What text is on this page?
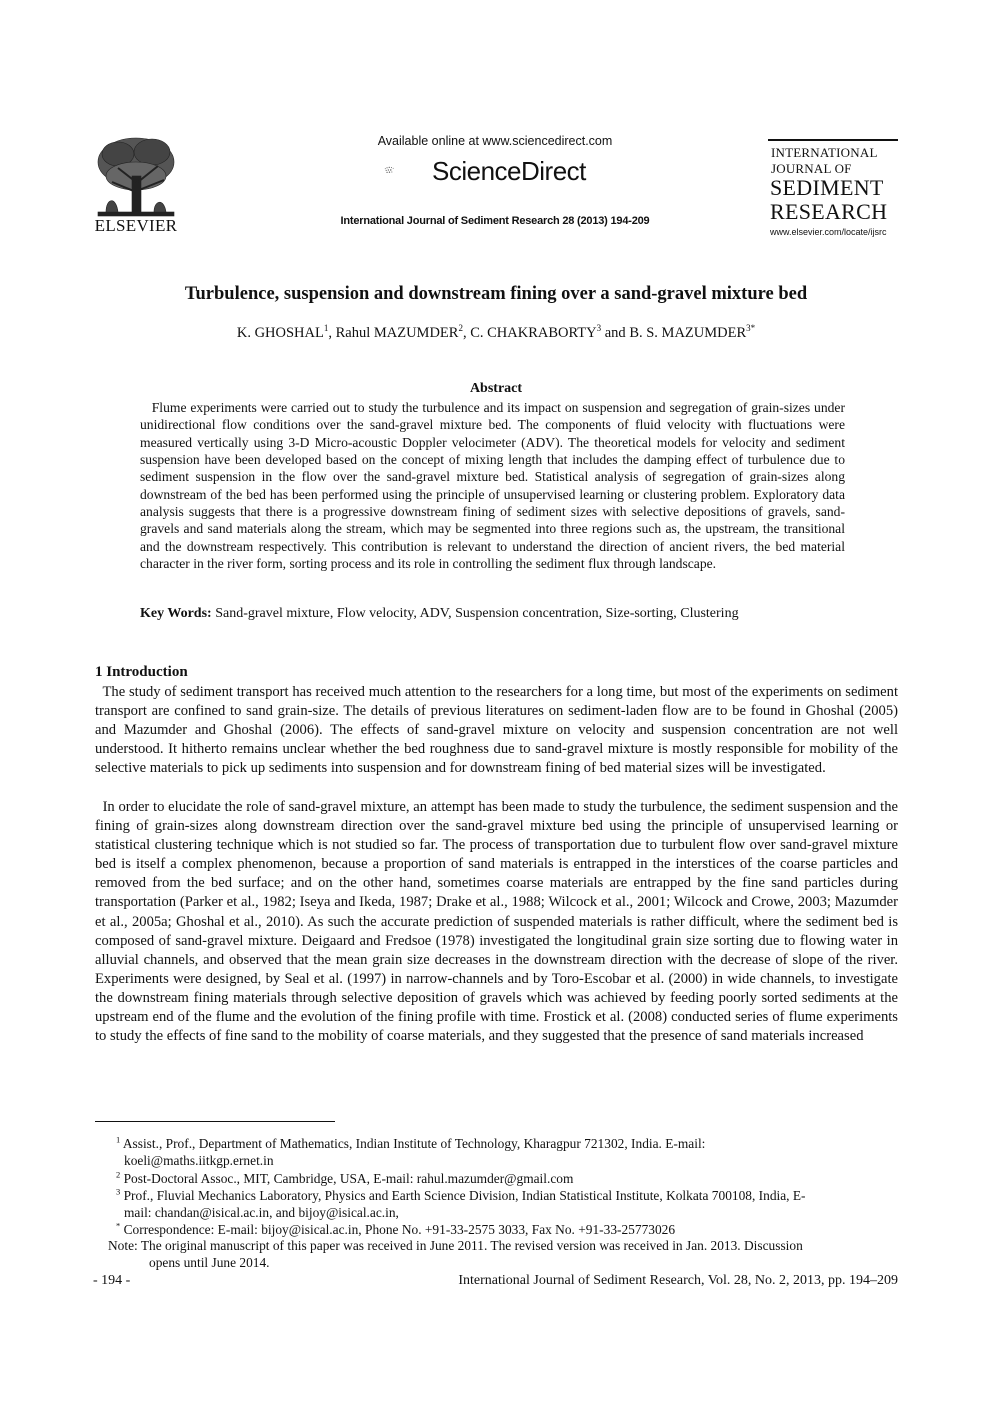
ELSEVIER
Available online at www.sciencedirect.com
ScienceDirect
International Journal of Sediment Research 28 (2013) 194-209
INTERNATIONAL
JOURNAL OF
SEDIMENT
RESEARCH
www.elsevier.com/locate/ijsrc
Turbulence, suspension and downstream fining over a sand-gravel mixture bed
K. GHOSHAL$^1$, Rahul MAZUMDER$^2$, C. CHAKRABORTY$^3$ and B. S. $MAZUMDER^{3*}$
Abstract
Flume experiments were carried out to study the turbulence and its impact on suspension and segregation of grain-sizes under unidirectional flow conditions over the sand-gravel mixture bed. The components of fluid velocity with fluctuations were measured vertically using 3-D Micro-acoustic Doppler velocimeter (ADV). The theoretical models for velocity and sediment suspension have been developed based on the concept of mixing length that includes the damping effect of turbulence due to sediment suspension in the flow over the sand-gravel mixture bed. Statistical analysis of segregation of grain-sizes along downstream of the bed has been performed using the principle of unsupervised learning or clustering problem. Exploratory data analysis suggests that there is a progressive downstream fining of sediment sizes with selective depositions of gravels, sand-gravels and sand materials along the stream, which may be segmented into three regions such as, the upstream, the transitional and the downstream respectively. This contribution is relevant to understand the direction of ancient rivers, the bed material character in the river form, sorting process and its role in controlling the sediment flux through landscape.
Key Words: Sand-gravel mixture, Flow velocity, ADV, Suspension concentration, Size-sorting, Clustering
1 Introduction
The study of sediment transport has received much attention to the researchers for a long time, but most of the experiments on sediment transport are confined to sand grain-size. The details of previous literatures on sediment-laden flow are to be found in Ghoshal (2005) and Mazumder and Ghoshal (2006). The effects of sand-gravel mixture on velocity and suspension concentration are not well understood. It hitherto remains unclear whether the bed roughness due to sand-gravel mixture is mostly responsible for mobility of the selective materials to pick up sediments into suspension and for downstream fining of bed material sizes will be investigated.
In order to elucidate the role of sand-gravel mixture, an attempt has been made to study the turbulence, the sediment suspension and the fining of grain-sizes along downstream direction over the sand-gravel mixture bed using the principle of unsupervised learning or statistical clustering technique which is not studied so far. The process of transportation due to turbulent flow over sand-gravel mixture bed is itself a complex phenomenon, because a proportion of sand materials is entrapped in the interstices of the coarse particles and removed from the bed surface; and on the other hand, sometimes coarse materials are entrapped by the fine sand particles during transportation (Parker et al., 1982; Iseya and Ikeda, 1987; Drake et al., 1988; Wilcock et al., 2001; Wilcock and Crowe, 2003; Mazumder et al., 2005a; Ghoshal et al., 2010). As such the accurate prediction of suspended materials is rather difficult, where the sediment bed is composed of sand-gravel mixture. Deigaard and Fredsoe (1978) investigated the longitudinal grain size sorting due to flowing water in alluvial channels, and observed that the mean grain size decreases in the downstream direction with the decrease of slope of the river. Experiments were designed, by Seal et al. (1997) in narrow-channels and by Toro-Escobar et al. (2000) in wide channels, to investigate the downstream fining materials through selective deposition of gravels which was achieved by feeding poorly sorted sediments at the upstream end of the flume and the evolution of the fining profile with time. Frostick et al. (2008) conducted series of flume experiments to study the effects of fine sand to the mobility of coarse materials, and they suggested that the presence of sand materials increased
$^1$ Assist., Prof., Department of Mathematics, Indian Institute of Technology, Kharagpur 721302, India. E-mail:
koeli@maths.iitkgp.ernet.in
$^2$ Post-Doctoral Assoc., MIT, Cambridge, USA, E-mail: rahul.mazumder@gmail.com
$^3$ Prof., Fluvial Mechanics Laboratory, Physics and Earth Science Division, Indian Statistical Institute, Kolkata 700108, India, E-
mail: chandan@isical.ac.in, and bijoy@isical.ac.in,
* Correspondence: E-mail: bijoy@isical.ac.in, Phone No. +91-33-2575 3033, Fax No. +91-33-25773026
Note: The original manuscript of this paper was received in June 2011. The revised version was received in Jan. 2013. Discussion
opens until June 2014.
- 194 -	International Journal of Sediment Research, Vol. 28, No. 2, 2013, pp. 194–209
